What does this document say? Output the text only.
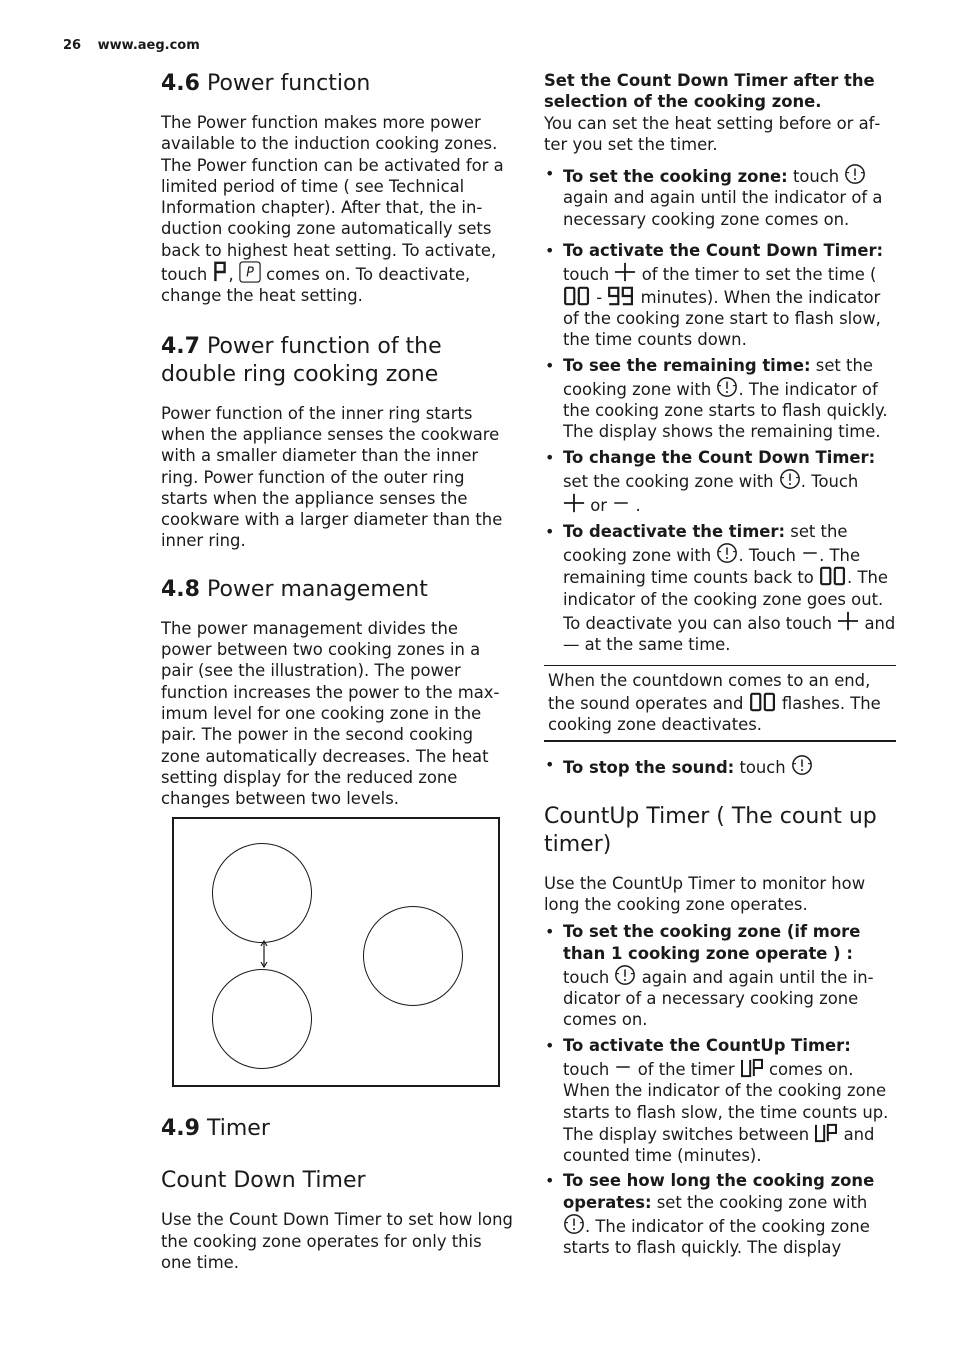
26 www.aeg.com
4.6 Power function

The Power function makes more power available to the induction cooking zones. The Power function can be activated for a limited period of time ( see Technical Information chapter). After that, the induction cooking zone automatically sets back to highest heat setting. To activate,
touch , comes on. To deactivate, change the heat setting.

4.7 Power function of the double ring cooking zone

Power function of the inner ring starts when the appliance senses the cookware with a smaller diameter than the inner ring. Power function of the outer ring starts when the appliance senses the cookware with a larger diameter than the inner ring.

4.8 Power management

The power management divides the power between two cooking zones in a pair (see the illustration). The power function increases the power to the maximum level for one cooking zone in the pair. The power in the second cooking zone automatically decreases. The heat setting display for the reduced zone changes between two levels.

4.9 Timer
Count Down Timer

Use the Count Down Timer to set how long the cooking zone operates for only this one time.

Set the Count Down Timer after the selection of the cooking zone.

You can set the heat setting before or after you set the timer.

• To set the cooking zone: touch  again and again until the indicator of a necessary cooking zone comes on.
• To activate the Count Down Timer:
touch of the timer to set the time (
- minutes). When the indicator of the cooking zone start to flash slow, the time counts down.
• To see the remaining time: set the cooking zone with . The indicator of the cooking zone starts to flash quickly. The display shows the remaining time.
• To change the Count Down Timer:
set the cooking zone with . Touch
or .
• To deactivate the timer: set the cooking zone with . Touch . The remaining time counts back to . The indicator of the cooking zone goes out. To deactivate you can also touch and — at the same time.

When the countdown comes to an end, the sound operates and flashes. The cooking zone deactivates.

• To stop the sound: touch
CountUp Timer ( The count up timer)

Use the CountUp Timer to monitor how long the cooking zone operates.

• To set the cooking zone (if more than 1 cooking zone operate ) :
touch again and again until the indicator of a necessary cooking zone comes on.
• To activate the CountUp Timer:
touch of the timer comes on. When the indicator of the cooking zone starts to flash slow, the time counts up. The display switches between and counted time (minutes).
• To see how long the cooking zone operates: set the cooking zone with
. The indicator of the cooking zone starts to flash quickly. The display
